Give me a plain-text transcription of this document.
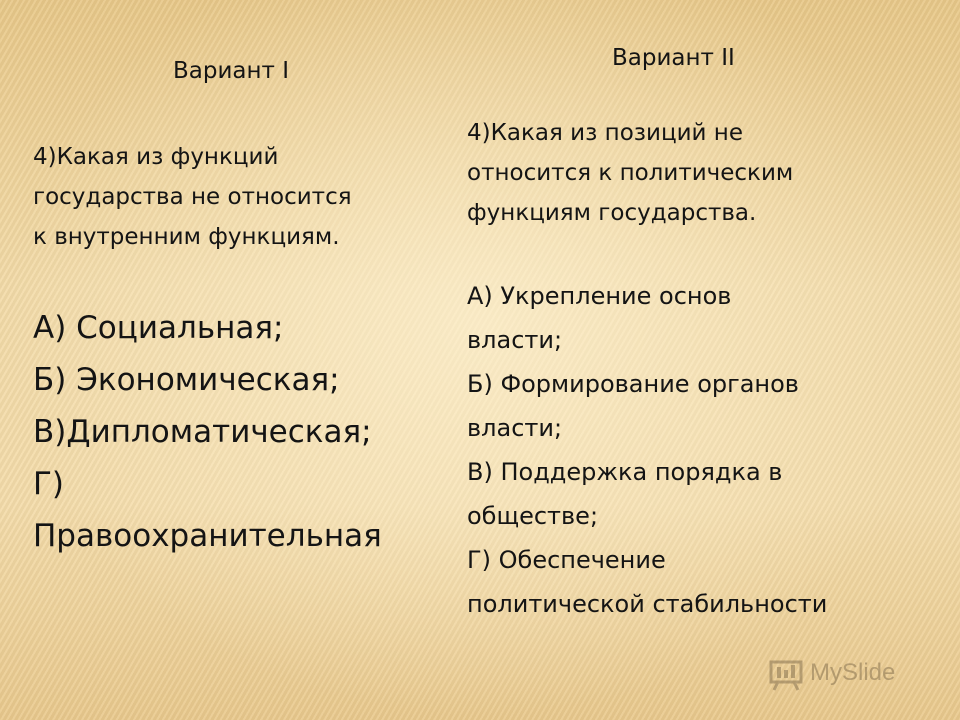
Вариант I
4)Какая из функций
государства не относится
к внутренним функциям.
А) Социальная;
Б) Экономическая;
В)Дипломатическая;
Г)
Правоохранительная
Вариант II
4)Какая из позиций не
относится к политическим
функциям государства.
А) Укрепление основ
власти;
Б) Формирование органов
власти;
В) Поддержка порядка в
обществе;
Г) Обеспечение
политической стабильности
MySlide
